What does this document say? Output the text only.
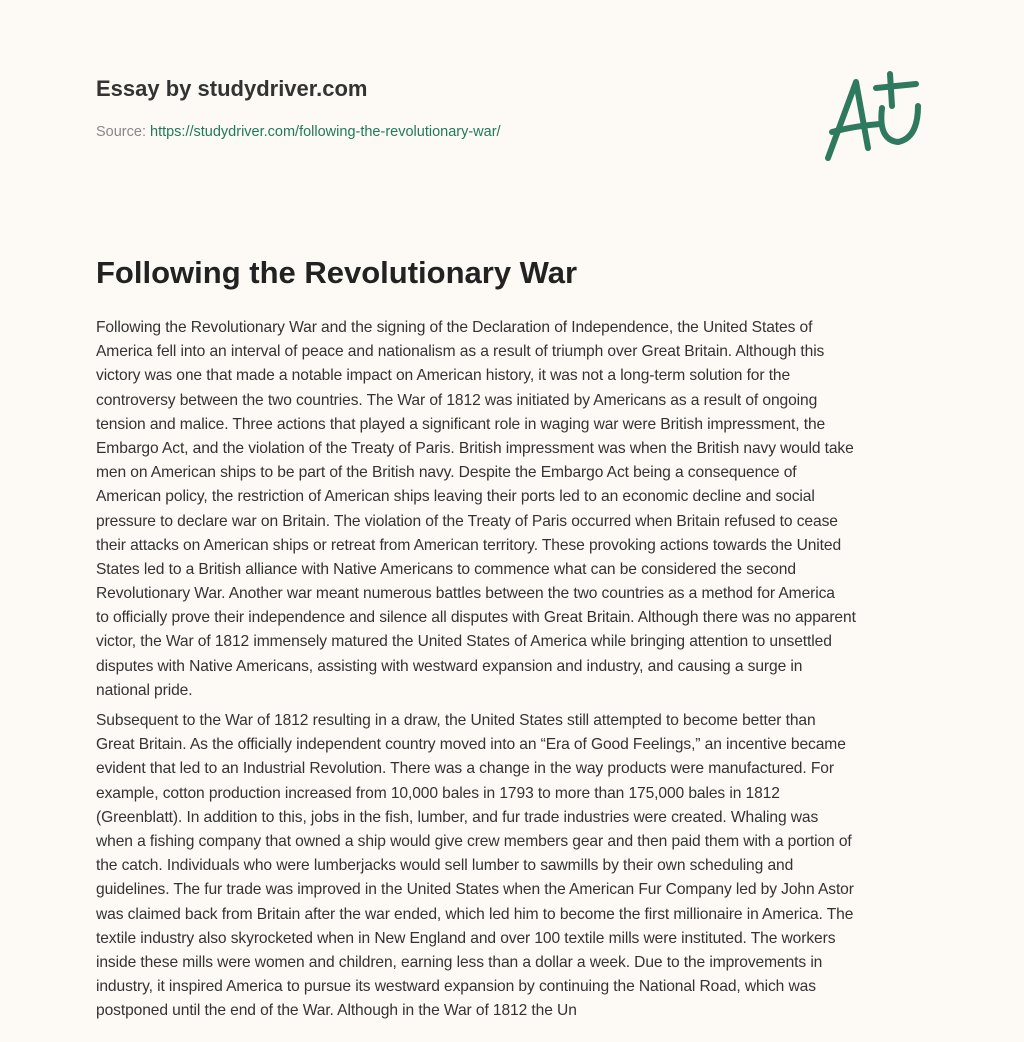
Essay by studydriver.com
Source: https://studydriver.com/following-the-revolutionary-war/
Following the Revolutionary War

Following the Revolutionary War and the signing of the Declaration of Independence, the United States of
America fell into an interval of peace and nationalism as a result of triumph over Great Britain. Although this
victory was one that made a notable impact on American history, it was not a long-term solution for the
controversy between the two countries. The War of 1812 was initiated by Americans as a result of ongoing
tension and malice. Three actions that played a significant role in waging war were British impressment, the
Embargo Act, and the violation of the Treaty of Paris. British impressment was when the British navy would take
men on American ships to be part of the British navy. Despite the Embargo Act being a consequence of
American policy, the restriction of American ships leaving their ports led to an economic decline and social
pressure to declare war on Britain. The violation of the Treaty of Paris occurred when Britain refused to cease
their attacks on American ships or retreat from American territory. These provoking actions towards the United
States led to a British alliance with Native Americans to commence what can be considered the second
Revolutionary War. Another war meant numerous battles between the two countries as a method for America
to officially prove their independence and silence all disputes with Great Britain. Although there was no apparent
victor, the War of 1812 immensely matured the United States of America while bringing attention to unsettled
disputes with Native Americans, assisting with westward expansion and industry, and causing a surge in
national pride.

Subsequent to the War of 1812 resulting in a draw, the United States still attempted to become better than
Great Britain. As the officially independent country moved into an “Era of Good Feelings,” an incentive became
evident that led to an Industrial Revolution. There was a change in the way products were manufactured. For
example, cotton production increased from 10,000 bales in 1793 to more than 175,000 bales in 1812
(Greenblatt). In addition to this, jobs in the fish, lumber, and fur trade industries were created. Whaling was
when a fishing company that owned a ship would give crew members gear and then paid them with a portion of
the catch. Individuals who were lumberjacks would sell lumber to sawmills by their own scheduling and
guidelines. The fur trade was improved in the United States when the American Fur Company led by John Astor
was claimed back from Britain after the war ended, which led him to become the first millionaire in America. The
textile industry also skyrocketed when in New England and over 100 textile mills were instituted. The workers
inside these mills were women and children, earning less than a dollar a week. Due to the improvements in
industry, it inspired America to pursue its westward expansion by continuing the National Road, which was
postponed until the end of the War. Although in the War of 1812 the Un
